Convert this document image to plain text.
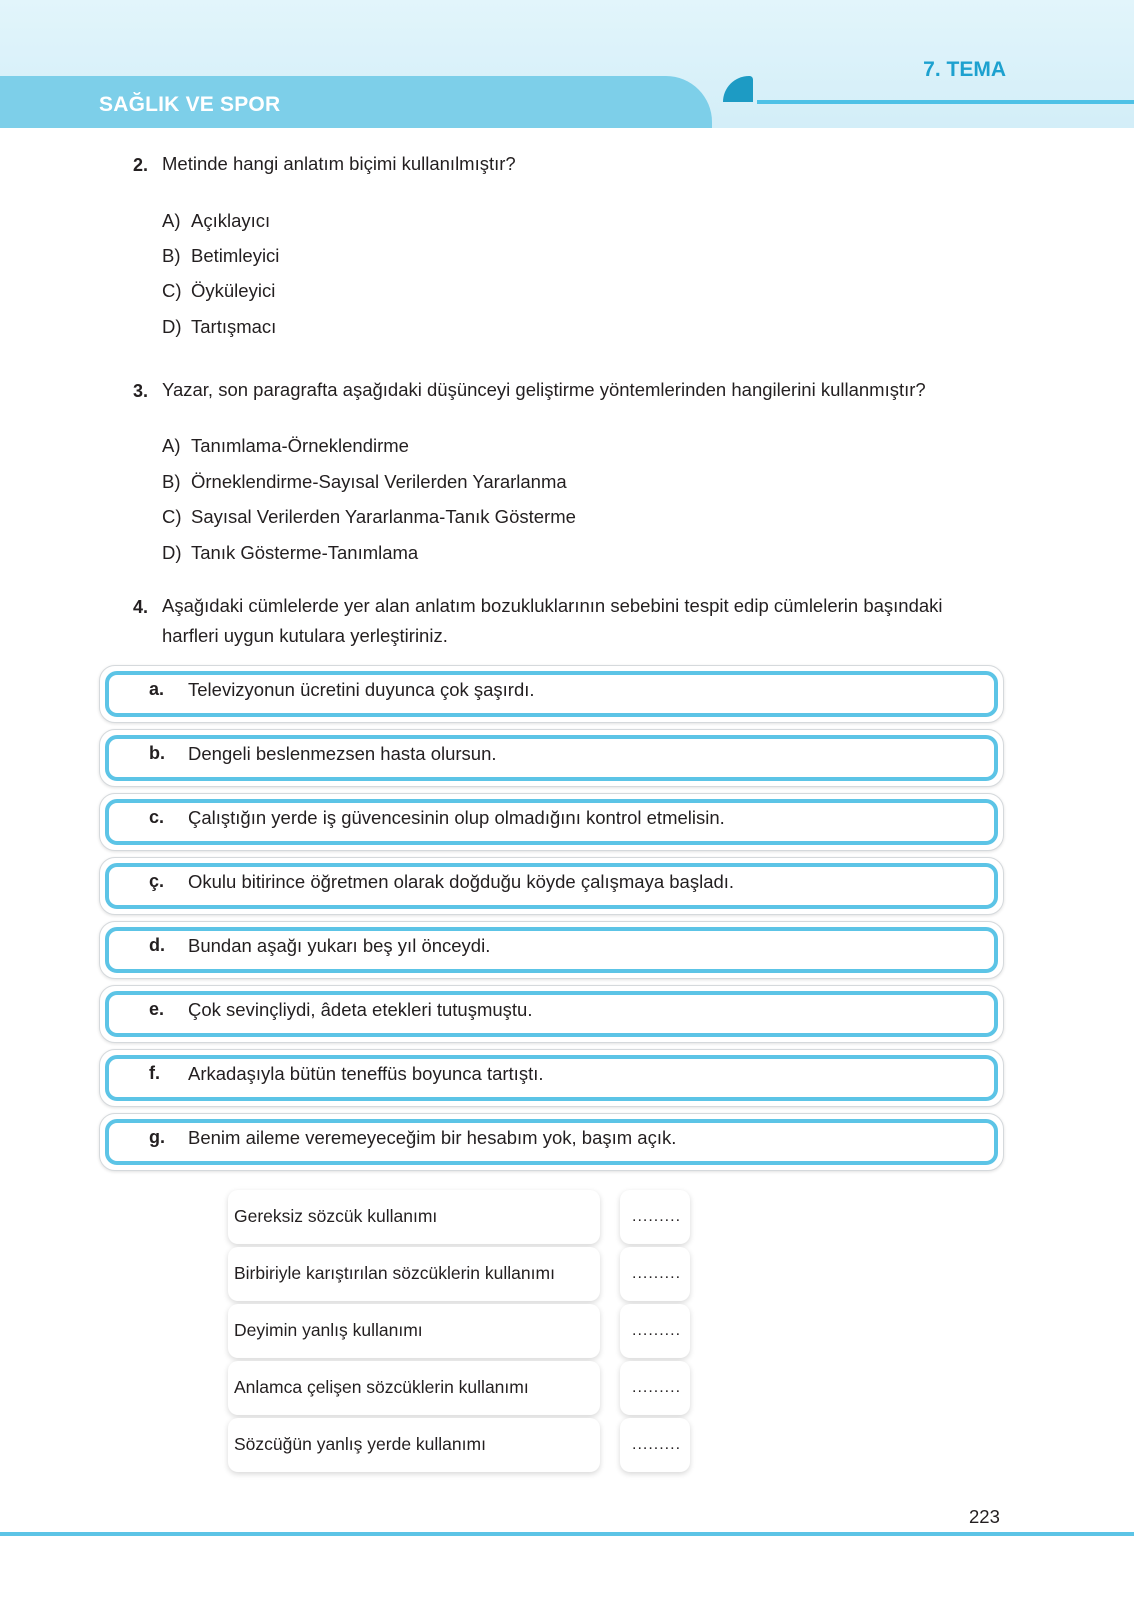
7. TEMA
SAĞLIK VE SPOR
2. Metinde hangi anlatım biçimi kullanılmıştır?
A) Açıklayıcı
B) Betimleyici
C) Öyküleyici
D) Tartışmacı
3. Yazar, son paragrafta aşağıdaki düşünceyi geliştirme yöntemlerinden hangilerini kullanmıştır?
A) Tanımlama-Örneklendirme
B) Örneklendirme-Sayısal Verilerden Yararlanma
C) Sayısal Verilerden Yararlanma-Tanık Gösterme
D) Tanık Gösterme-Tanımlama
4. Aşağıdaki cümlelerde yer alan anlatım bozukluklarının sebebini tespit edip cümlelerin başındaki
harfleri uygun kutulara yerleştiriniz.
a. Televizyonun ücretini duyunca çok şaşırdı.
b. Dengeli beslenmezsen hasta olursun.
c. Çalıştığın yerde iş güvencesinin olup olmadığını kontrol etmelisin.
ç. Okulu bitirince öğretmen olarak doğduğu köyde çalışmaya başladı.
d. Bundan aşağı yukarı beş yıl önceydi.
e. Çok sevinçliydi, âdeta etekleri tutuşmuştu.
f. Arkadaşıyla bütün teneffüs boyunca tartıştı.
g. Benim aileme veremeyeceğim bir hesabım yok, başım açık.
Gereksiz sözcük kullanımı	.........
Birbiriyle karıştırılan sözcüklerin kullanımı	.........
Deyimin yanlış kullanımı	.........
Anlamca çelişen sözcüklerin kullanımı	.........
Sözcüğün yanlış yerde kullanımı	.........
223
